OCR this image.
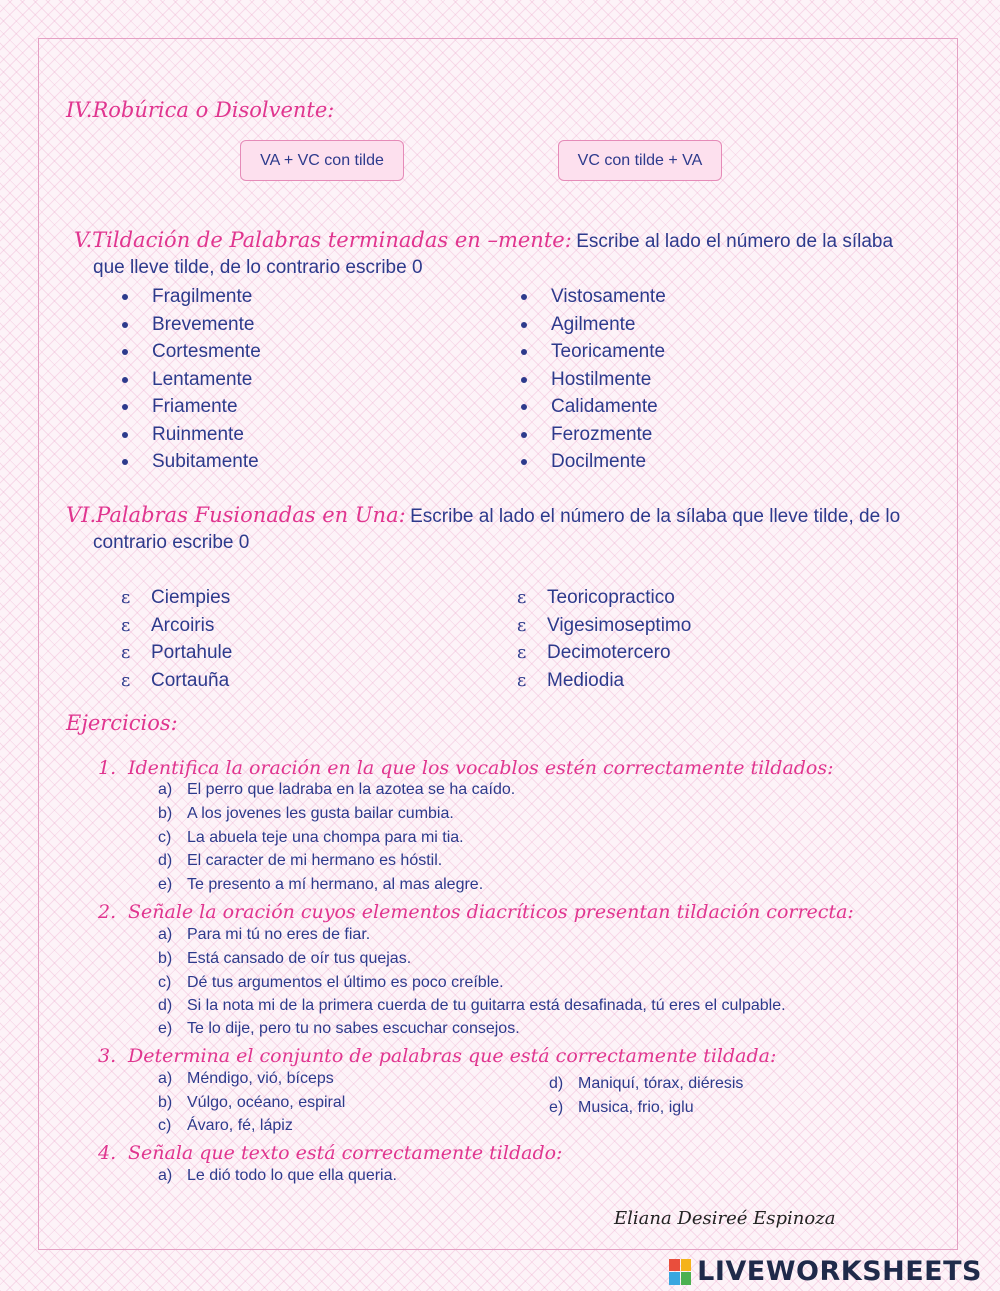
IV.Robúrica o Disolvente:
VA + VC con tilde	VC con tilde + VA
V.Tildación de Palabras terminadas en –mente: Escribe al lado el número de la sílaba
que lleve tilde, de lo contrario escribe 0
Fragilmente
Brevemente
Cortesmente
Lentamente
Friamente
Ruinmente
Subitamente
Vistosamente
Agilmente
Teoricamente
Hostilmente
Calidamente
Ferozmente
Docilmente
VI.Palabras Fusionadas en Una: Escribe al lado el número de la sílaba que lleve tilde, de lo
contrario escribe 0
ε Ciempies
ε Arcoiris
ε Portahule
ε Cortauña
ε Teoricopractico
ε Vigesimoseptimo
ε Decimotercero
ε Mediodia
Ejercicios:
1. Identifica la oración en la que los vocablos estén correctamente tildados:
a) El perro que ladraba en la azotea se ha caído.
b) A los jovenes les gusta bailar cumbia.
c) La abuela teje una chompa para mi tia.
d) El caracter de mi hermano es hóstil.
e) Te presento a mí hermano, al mas alegre.
2. Señale la oración cuyos elementos diacríticos presentan tildación correcta:
a) Para mi tú no eres de fiar.
b) Está cansado de oír tus quejas.
c) Dé tus argumentos el último es poco creíble.
d) Si la nota mi de la primera cuerda de tu guitarra está desafinada, tú eres el culpable.
e) Te lo dije, pero tu no sabes escuchar consejos.
3. Determina el conjunto de palabras que está correctamente tildada:
a) Méndigo, vió, bíceps
b) Vúlgo, océano, espiral
c) Ávaro, fé, lápiz
d) Maniquí, tórax, diéresis
e) Musica, frio, iglu
4. Señala que texto está correctamente tildado:
a) Le dió todo lo que ella queria.
Eliana Desireé Espinoza
LIVEWORKSHEETS
